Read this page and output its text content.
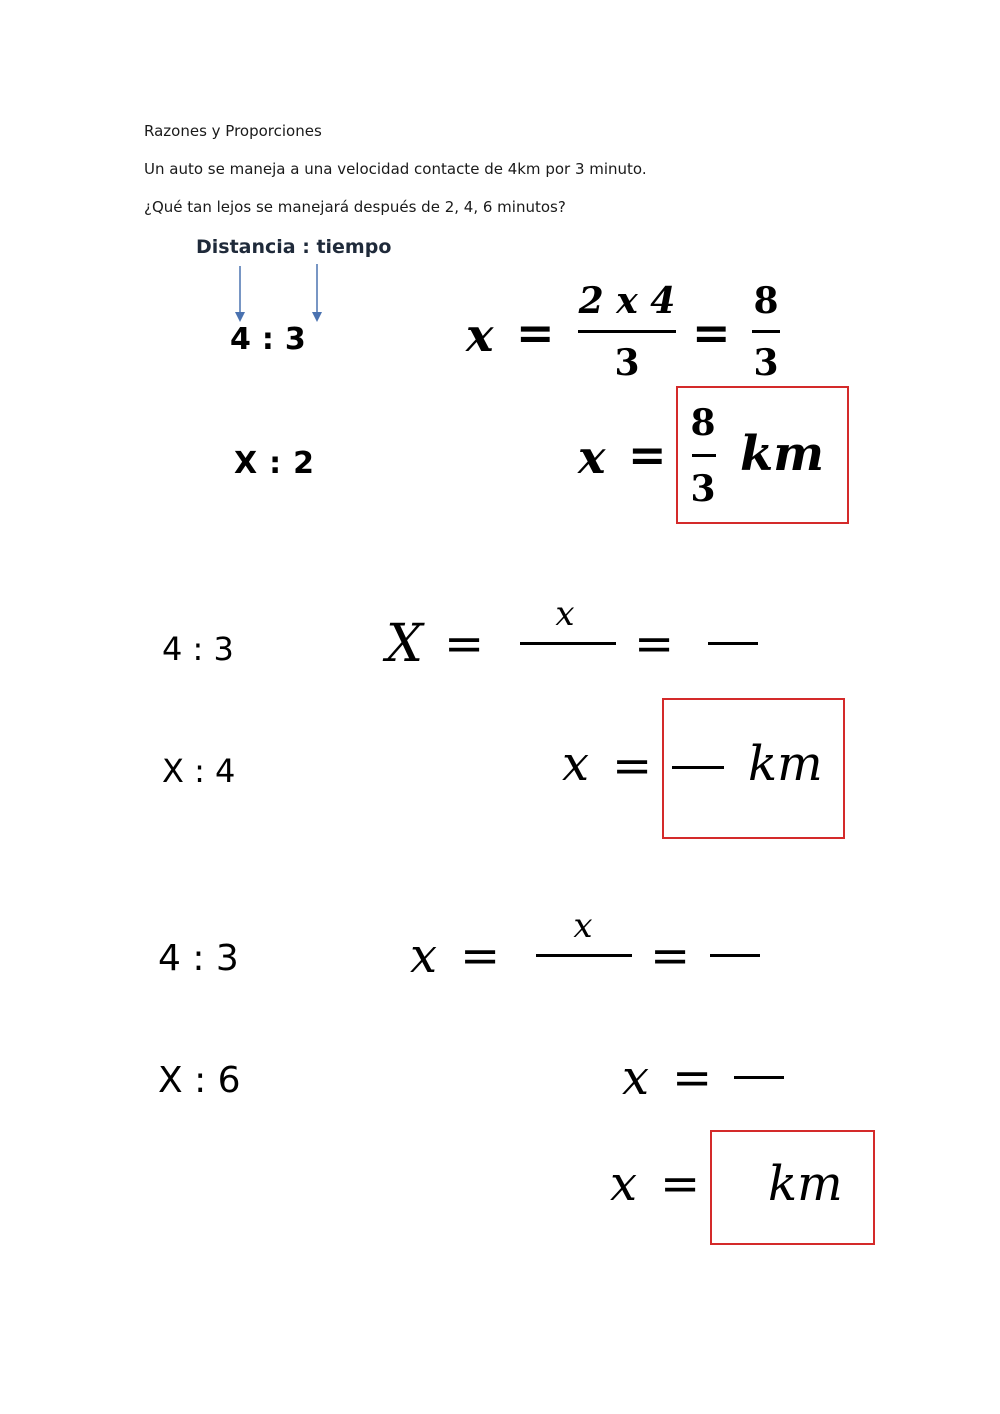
Razones y Proporciones
Un auto se maneja a una velocidad contacte de 4km por 3 minuto.
¿Qué tan lejos se manejará después de 2, 4, 6 minutos?
Distancia : tiempo
4 : 3
X : 2
x =
2 x 4
3
=
8
3
x =
8
3
km
4 : 3
X : 4
X =
x
=
x = km
4 : 3
X : 6
x =
x
=
x =
x = km
